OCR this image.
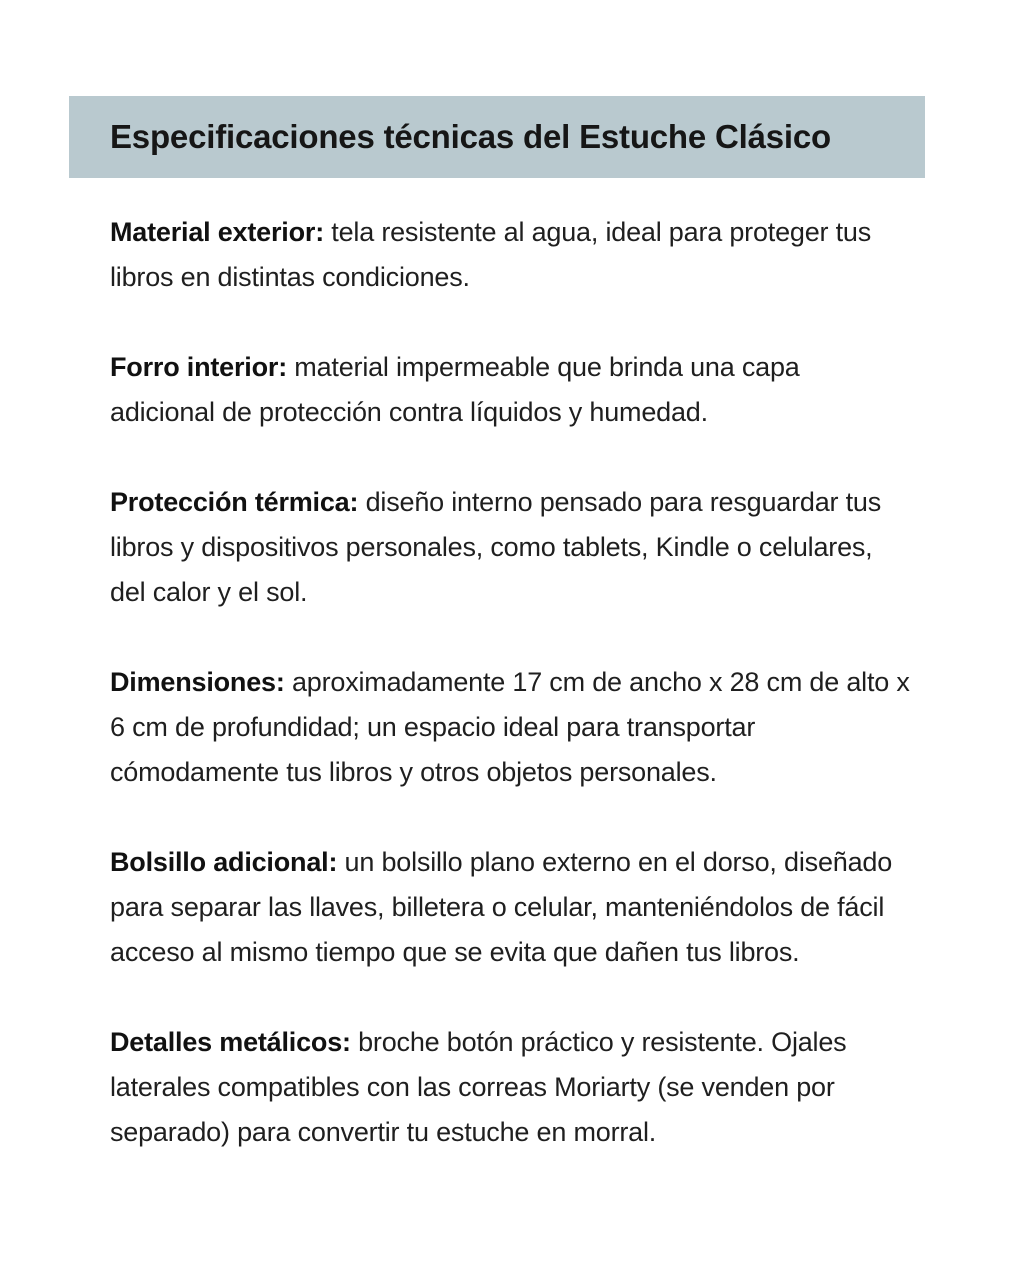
Especificaciones técnicas del Estuche Clásico

Material exterior: tela resistente al agua, ideal para proteger tus libros en distintas condiciones.

Forro interior: material impermeable que brinda una capa adicional de protección contra líquidos y humedad.

Protección térmica: diseño interno pensado para resguardar tus libros y dispositivos personales, como tablets, Kindle o celulares, del calor y el sol.

Dimensiones: aproximadamente 17 cm de ancho x 28 cm de alto x 6 cm de profundidad; un espacio ideal para transportar cómodamente tus libros y otros objetos personales.

Bolsillo adicional: un bolsillo plano externo en el dorso, diseñado para separar las llaves, billetera o celular, manteniéndolos de fácil acceso al mismo tiempo que se evita que dañen tus libros.

Detalles metálicos: broche botón práctico y resistente. Ojales laterales compatibles con las correas Moriarty (se venden por separado) para convertir tu estuche en morral.
